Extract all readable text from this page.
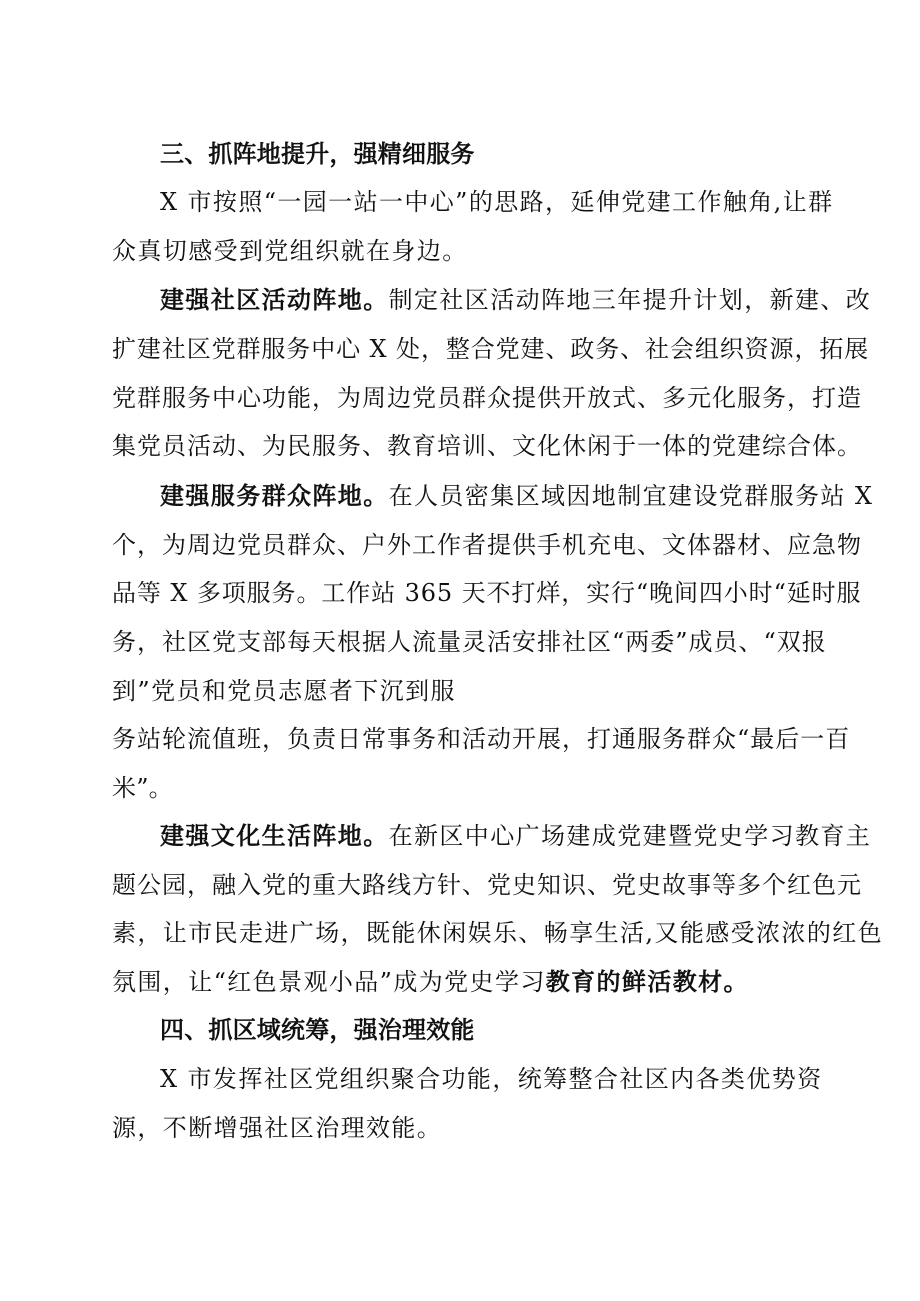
三、抓阵地提升，强精细服务
X 市按照“一园一站一中心”的思路，延伸党建工作触角,让群
众真切感受到党组织就在身边。
建强社区活动阵地。制定社区活动阵地三年提升计划，新建、改
扩建社区党群服务中心 X 处，整合党建、政务、社会组织资源，拓展
党群服务中心功能，为周边党员群众提供开放式、多元化服务，打造
集党员活动、为民服务、教育培训、文化休闲于一体的党建综合体。
建强服务群众阵地。在人员密集区域因地制宜建设党群服务站 X
个，为周边党员群众、户外工作者提供手机充电、文体器材、应急物
品等 X 多项服务。工作站 365 天不打烊，实行“晚间四小时“延时服
务，社区党支部每天根据人流量灵活安排社区“两委”成员、“双报
到”党员和党员志愿者下沉到服
务站轮流值班，负责日常事务和活动开展，打通服务群众“最后一百
米”。
建强文化生活阵地。在新区中心广场建成党建暨党史学习教育主
题公园，融入党的重大路线方针、党史知识、党史故事等多个红色元
素，让市民走进广场，既能休闲娱乐、畅享生活,又能感受浓浓的红色
氛围，让“红色景观小品”成为党史学习教育的鲜活教材。
四、抓区域统筹，强治理效能
X 市发挥社区党组织聚合功能，统筹整合社区内各类优势资
源，不断增强社区治理效能。
